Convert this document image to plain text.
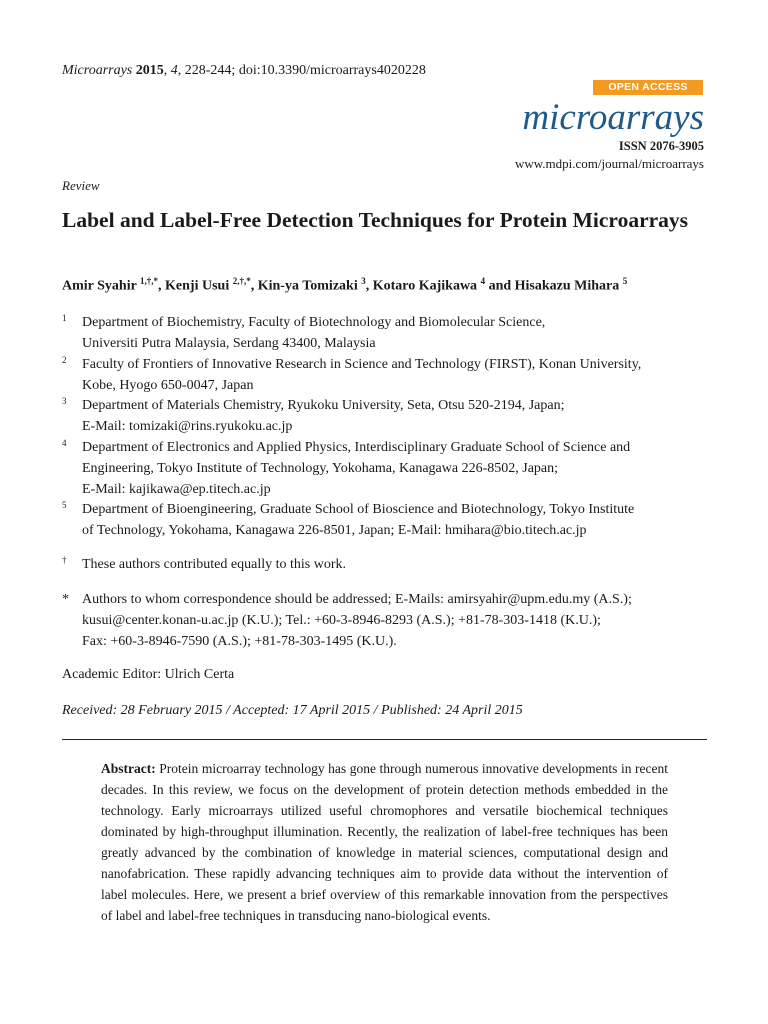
Microarrays 2015, 4, 228-244; doi:10.3390/microarrays4020228
OPEN ACCESS
microarrays
ISSN 2076-3905
www.mdpi.com/journal/microarrays
Review
Label and Label-Free Detection Techniques for Protein Microarrays
Amir Syahir $^{1,\dagger,*}$, Kenji Usui $^{2,\dagger,*}$, Kin-ya Tomizaki $^3$, Kotaro Kajikawa $^4$ and Hisakazu Mihara $^5$
1 Department of Biochemistry, Faculty of Biotechnology and Biomolecular Science,
Universiti Putra Malaysia, Serdang 43400, Malaysia
2 Faculty of Frontiers of Innovative Research in Science and Technology (FIRST), Konan University,
Kobe, Hyogo 650-0047, Japan
3 Department of Materials Chemistry, Ryukoku University, Seta, Otsu 520-2194, Japan;
E-Mail: tomizaki@rins.ryukoku.ac.jp
4 Department of Electronics and Applied Physics, Interdisciplinary Graduate School of Science and
Engineering, Tokyo Institute of Technology, Yokohama, Kanagawa 226-8502, Japan;
E-Mail: kajikawa@ep.titech.ac.jp
5 Department of Bioengineering, Graduate School of Bioscience and Biotechnology, Tokyo Institute
of Technology, Yokohama, Kanagawa 226-8501, Japan; E-Mail: hmihara@bio.titech.ac.jp
† These authors contributed equally to this work.
* Authors to whom correspondence should be addressed; E-Mails: amirsyahir@upm.edu.my (A.S.);
kusui@center.konan-u.ac.jp (K.U.); Tel.: +60-3-8946-8293 (A.S.); +81-78-303-1418 (K.U.);
Fax: +60-3-8946-7590 (A.S.); +81-78-303-1495 (K.U.).
Academic Editor: Ulrich Certa
Received: 28 February 2015 / Accepted: 17 April 2015 / Published: 24 April 2015
Abstract: Protein microarray technology has gone through numerous innovative developments in recent decades. In this review, we focus on the development of protein detection methods embedded in the technology. Early microarrays utilized useful chromophores and versatile biochemical techniques dominated by high-throughput illumination. Recently, the realization of label-free techniques has been greatly advanced by the combination of knowledge in material sciences, computational design and nanofabrication. These rapidly advancing techniques aim to provide data without the intervention of label molecules. Here, we present a brief overview of this remarkable innovation from the perspectives of label and label-free techniques in transducing nano-biological events.
